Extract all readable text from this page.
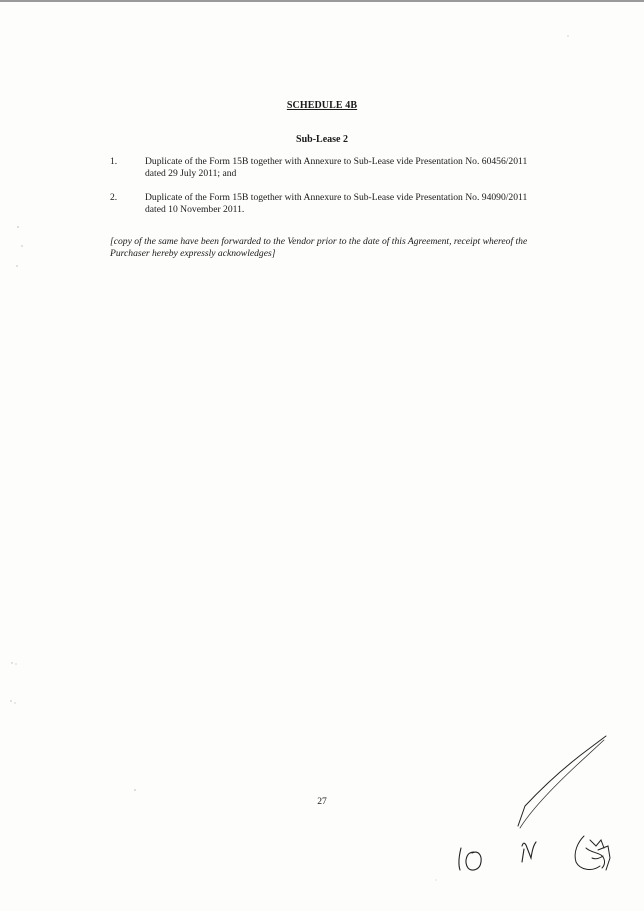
SCHEDULE 4B
Sub-Lease 2
1.	Duplicate of the Form 15B together with Annexure to Sub-Lease vide Presentation No. 60456/2011 dated 29 July 2011; and
2.	Duplicate of the Form 15B together with Annexure to Sub-Lease vide Presentation No. 94090/2011 dated 10 November 2011.
[copy of the same have been forwarded to the Vendor prior to the date of this Agreement, receipt whereof the Purchaser hereby expressly acknowledges]
27
